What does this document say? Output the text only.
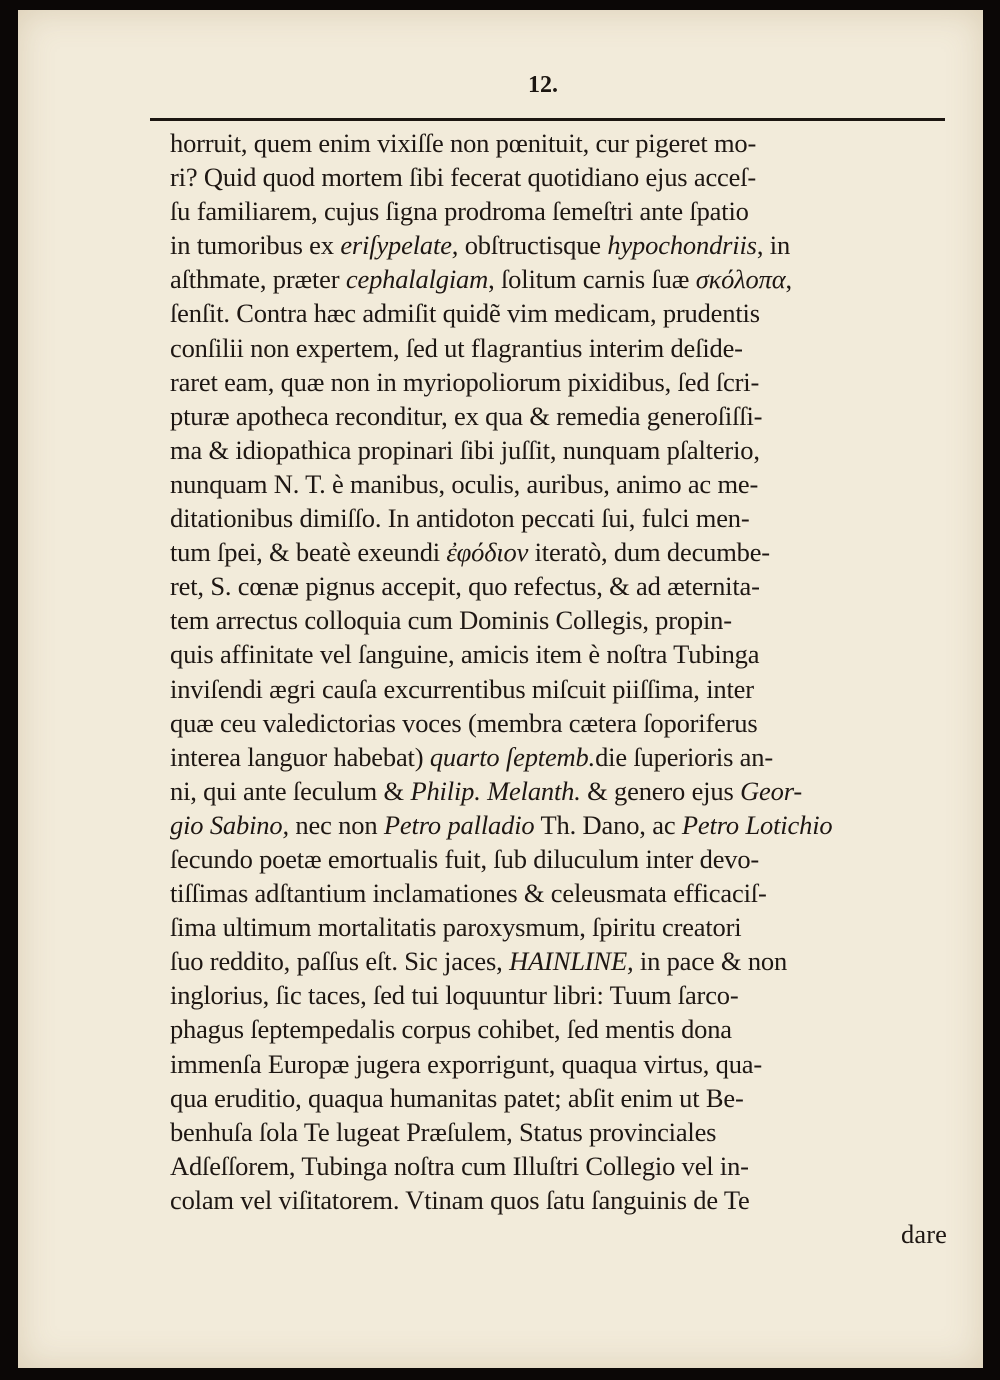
12.
horruit, quem enim vixiſſe non pœnituit, cur pigeret mo-
ri? Quid quod mortem ſibi fecerat quotidiano ejus acceſ-
ſu familiarem, cujus ſigna prodroma ſemeſtri ante ſpatio
in tumoribus ex eriſypelate, obſtructisque hypochondriis, in
aſthmate, præter cephalalgiam, ſolitum carnis ſuæ σκόλοπα,
ſenſit. Contra hæc admiſit quidẽ vim medicam, prudentis
conſilii non expertem, ſed ut flagrantius interim deſide-
raret eam, quæ non in myriopoliorum pixidibus, ſed ſcri-
pturæ apotheca reconditur, ex qua & remedia generoſiſſi-
ma & idiopathica propinari ſibi juſſit, nunquam pſalterio,
nunquam N. T. è manibus, oculis, auribus, animo ac me-
ditationibus dimiſſo. In antidoton peccati ſui, fulci men-
tum ſpei, & beatè exeundi ἐφόδιον iteratò, dum decumbe-
ret, S. cœnæ pignus accepit, quo refectus, & ad æternita-
tem arrectus colloquia cum Dominis Collegis, propin-
quis affinitate vel ſanguine, amicis item è noſtra Tubinga
inviſendi ægri cauſa excurrentibus miſcuit piiſſima, inter
quæ ceu valedictorias voces (membra cætera ſoporiferus
interea languor habebat) quarto ſeptemb.die ſuperioris an-
ni, qui ante ſeculum & Philip. Melanth. & genero ejus Geor-
gio Sabino, nec non Petro palladio Th. Dano, ac Petro Lotichio
ſecundo poetæ emortualis fuit, ſub diluculum inter devo-
tiſſimas adſtantium inclamationes & celeusmata efficaciſ-
ſima ultimum mortalitatis paroxysmum, ſpiritu creatori
ſuo reddito, paſſus eſt. Sic jaces, HAINLINE, in pace & non
inglorius, ſic taces, ſed tui loquuntur libri: Tuum ſarco-
phagus ſeptempedalis corpus cohibet, ſed mentis dona
immenſa Europæ jugera exporrigunt, quaqua virtus, qua-
qua eruditio, quaqua humanitas patet; abſit enim ut Be-
benhuſa ſola Te lugeat Præſulem, Status provinciales
Adſeſſorem, Tubinga noſtra cum Illuſtri Collegio vel in-
colam vel viſitatorem. Vtinam quos ſatu ſanguinis de Te
dare
